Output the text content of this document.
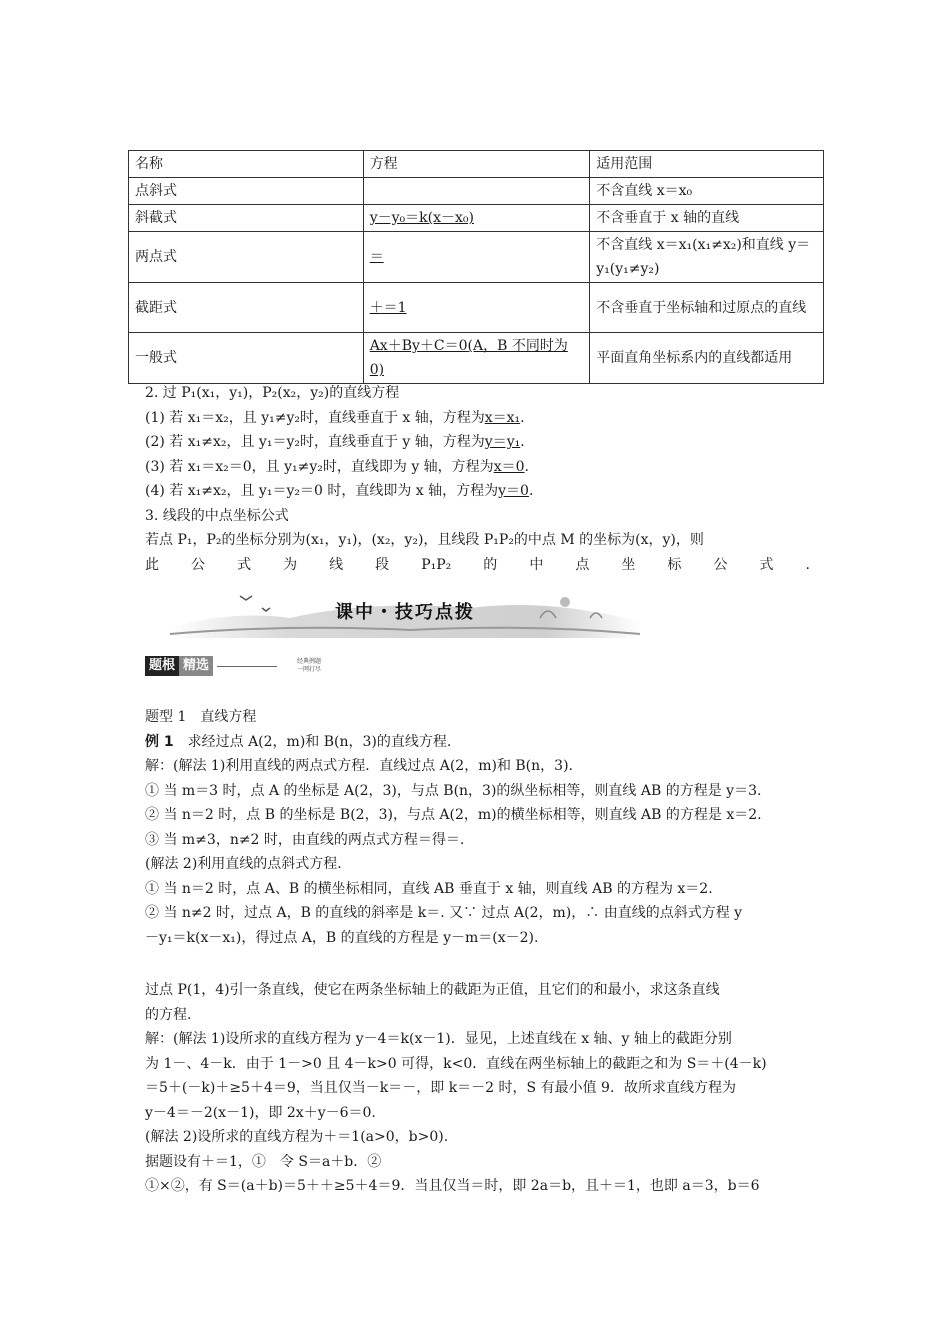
名称	方程	适用范围
点斜式		不含直线 x＝x₀
斜截式	y－y₀＝k(x－x₀)	不含垂直于 x 轴的直线
两点式	＝	不含直线 x＝x₁(x₁≠x₂)和直线 y＝y₁(y₁≠y₂)
截距式	＋＝1	不含垂直于坐标轴和过原点的直线
一般式	Ax＋By＋C＝0(A，B 不同时为 0)	平面直角坐标系内的直线都适用
2. 过 P₁(x₁，y₁)，P₂(x₂，y₂)的直线方程
(1) 若 x₁＝x₂，且 y₁≠y₂时，直线垂直于 x 轴，方程为x＝x₁.
(2) 若 x₁≠x₂，且 y₁＝y₂时，直线垂直于 y 轴，方程为y＝y₁.
(3) 若 x₁＝x₂＝0，且 y₁≠y₂时，直线即为 y 轴，方程为x＝0.
(4) 若 x₁≠x₂，且 y₁＝y₂＝0 时，直线即为 x 轴，方程为y＝0.
3. 线段的中点坐标公式
若点 P₁，P₂的坐标分别为(x₁，y₁)，(x₂，y₂)，且线段 P₁P₂的中点 M 的坐标为(x，y)，则
此 公 式 为 线 段 P₁P₂ 的 中 点 坐 标 公 式 .
课中・技巧点拨
题根 精选	经典例题
一网打尽
题型 1　直线方程
例 1　求经过点 A(2，m)和 B(n，3)的直线方程.
解：(解法 1)利用直线的两点式方程．直线过点 A(2，m)和 B(n，3).
① 当 m＝3 时，点 A 的坐标是 A(2，3)，与点 B(n，3)的纵坐标相等，则直线 AB 的方程是 y＝3.
② 当 n＝2 时，点 B 的坐标是 B(2，3)，与点 A(2，m)的横坐标相等，则直线 AB 的方程是 x＝2.
③ 当 m≠3，n≠2 时，由直线的两点式方程＝得＝.
(解法 2)利用直线的点斜式方程.
① 当 n＝2 时，点 A、B 的横坐标相同，直线 AB 垂直于 x 轴，则直线 AB 的方程为 x＝2.
② 当 n≠2 时，过点 A，B 的直线的斜率是 k＝. 又∵ 过点 A(2，m)，∴ 由直线的点斜式方程 y
－y₁＝k(x－x₁)，得过点 A，B 的直线的方程是 y－m＝(x－2).
过点 P(1，4)引一条直线，使它在两条坐标轴上的截距为正值，且它们的和最小，求这条直线
的方程.
解：(解法 1)设所求的直线方程为 y－4＝k(x－1)．显见，上述直线在 x 轴、y 轴上的截距分别
为 1－、4－k．由于 1－>0 且 4－k>0 可得，k<0．直线在两坐标轴上的截距之和为 S＝＋(4－k)
＝5＋(－k)＋≥5＋4＝9，当且仅当－k＝－，即 k＝－2 时，S 有最小值 9．故所求直线方程为
y－4＝－2(x－1)，即 2x＋y－6＝0.
(解法 2)设所求的直线方程为＋＝1(a>0，b>0).
据题设有＋＝1，①　令 S＝a＋b．②
①×②，有 S＝(a＋b)＝5＋＋≥5＋4＝9．当且仅当＝时，即 2a＝b，且＋＝1，也即 a＝3，b＝6
